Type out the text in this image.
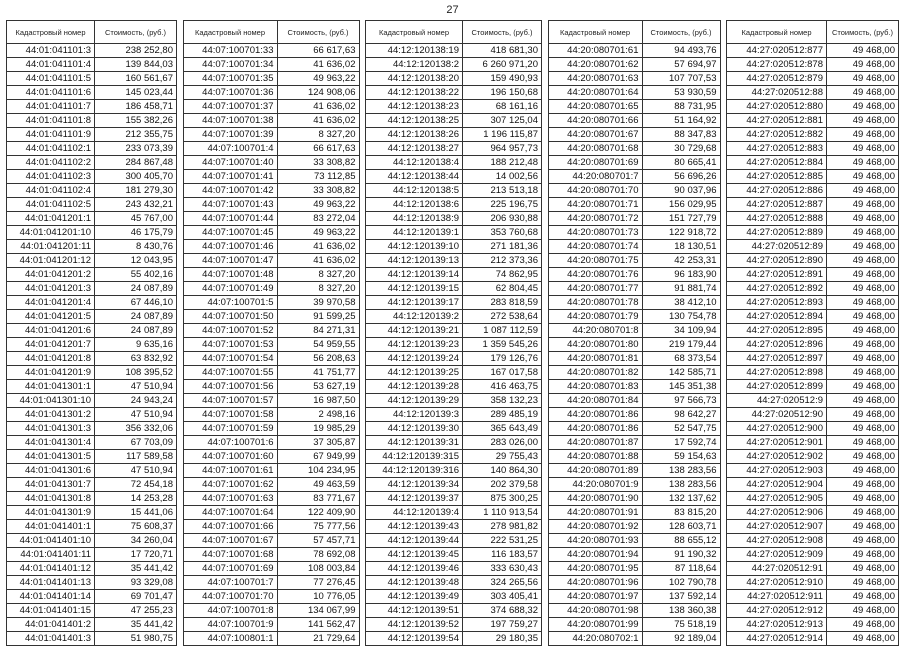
27
Кадастровый номер	Стоимость, (руб.)
44:01:041101:3	238 252,80
44:01:041101:4	139 844,03
44:01:041101:5	160 561,67
44:01:041101:6	145 023,44
44:01:041101:7	186 458,71
44:01:041101:8	155 382,26
44:01:041101:9	212 355,75
44:01:041102:1	233 073,39
44:01:041102:2	284 867,48
44:01:041102:3	300 405,70
44:01:041102:4	181 279,30
44:01:041102:5	243 432,21
44:01:041201:1	45 767,00
44:01:041201:10	46 175,79
44:01:041201:11	8 430,76
44:01:041201:12	12 043,95
44:01:041201:2	55 402,16
44:01:041201:3	24 087,89
44:01:041201:4	67 446,10
44:01:041201:5	24 087,89
44:01:041201:6	24 087,89
44:01:041201:7	9 635,16
44:01:041201:8	63 832,92
44:01:041201:9	108 395,52
44:01:041301:1	47 510,94
44:01:041301:10	24 943,24
44:01:041301:2	47 510,94
44:01:041301:3	356 332,06
44:01:041301:4	67 703,09
44:01:041301:5	117 589,58
44:01:041301:6	47 510,94
44:01:041301:7	72 454,18
44:01:041301:8	14 253,28
44:01:041301:9	15 441,06
44:01:041401:1	75 608,37
44:01:041401:10	34 260,04
44:01:041401:11	17 720,71
44:01:041401:12	35 441,42
44:01:041401:13	93 329,08
44:01:041401:14	69 701,47
44:01:041401:15	47 255,23
44:01:041401:2	35 441,42
44:01:041401:3	51 980,75
Кадастровый номер	Стоимость, (руб.)
44:07:100701:33	66 617,63
44:07:100701:34	41 636,02
44:07:100701:35	49 963,22
44:07:100701:36	124 908,06
44:07:100701:37	41 636,02
44:07:100701:38	41 636,02
44:07:100701:39	8 327,20
44:07:100701:4	66 617,63
44:07:100701:40	33 308,82
44:07:100701:41	73 112,85
44:07:100701:42	33 308,82
44:07:100701:43	49 963,22
44:07:100701:44	83 272,04
44:07:100701:45	49 963,22
44:07:100701:46	41 636,02
44:07:100701:47	41 636,02
44:07:100701:48	8 327,20
44:07:100701:49	8 327,20
44:07:100701:5	39 970,58
44:07:100701:50	91 599,25
44:07:100701:52	84 271,31
44:07:100701:53	54 959,55
44:07:100701:54	56 208,63
44:07:100701:55	41 751,77
44:07:100701:56	53 627,19
44:07:100701:57	16 987,50
44:07:100701:58	2 498,16
44:07:100701:59	19 985,29
44:07:100701:6	37 305,87
44:07:100701:60	67 949,99
44:07:100701:61	104 234,95
44:07:100701:62	49 463,59
44:07:100701:63	83 771,67
44:07:100701:64	122 409,90
44:07:100701:66	75 777,56
44:07:100701:67	57 457,71
44:07:100701:68	78 692,08
44:07:100701:69	108 003,84
44:07:100701:7	77 276,45
44:07:100701:70	10 776,05
44:07:100701:8	134 067,99
44:07:100701:9	141 562,47
44:07:100801:1	21 729,64
Кадастровый номер	Стоимость, (руб.)
44:12:120138:19	418 681,30
44:12:120138:2	6 260 971,20
44:12:120138:20	159 490,93
44:12:120138:22	196 150,68
44:12:120138:23	68 161,16
44:12:120138:25	307 125,04
44:12:120138:26	1 196 115,87
44:12:120138:27	964 957,73
44:12:120138:4	188 212,48
44:12:120138:44	14 002,56
44:12:120138:5	213 513,18
44:12:120138:6	225 196,75
44:12:120138:9	206 930,88
44:12:120139:1	353 760,68
44:12:120139:10	271 181,36
44:12:120139:13	212 373,36
44:12:120139:14	74 862,95
44:12:120139:15	62 804,45
44:12:120139:17	283 818,59
44:12:120139:2	272 538,64
44:12:120139:21	1 087 112,59
44:12:120139:23	1 359 545,26
44:12:120139:24	179 126,76
44:12:120139:25	167 017,58
44:12:120139:28	416 463,75
44:12:120139:29	358 132,23
44:12:120139:3	289 485,19
44:12:120139:30	365 643,49
44:12:120139:31	283 026,00
44:12:120139:315	29 755,43
44:12:120139:316	140 864,30
44:12:120139:34	202 379,58
44:12:120139:37	875 300,25
44:12:120139:4	1 110 913,54
44:12:120139:43	278 981,82
44:12:120139:44	222 531,25
44:12:120139:45	116 183,57
44:12:120139:46	333 630,43
44:12:120139:48	324 265,56
44:12:120139:49	303 405,41
44:12:120139:51	374 688,32
44:12:120139:52	197 759,27
44:12:120139:54	29 180,35
Кадастровый номер	Стоимость, (руб.)
44:20:080701:61	94 493,76
44:20:080701:62	57 694,97
44:20:080701:63	107 707,53
44:20:080701:64	53 930,59
44:20:080701:65	88 731,95
44:20:080701:66	51 164,92
44:20:080701:67	88 347,83
44:20:080701:68	30 729,68
44:20:080701:69	80 665,41
44:20:080701:7	56 696,26
44:20:080701:70	90 037,96
44:20:080701:71	156 029,95
44:20:080701:72	151 727,79
44:20:080701:73	122 918,72
44:20:080701:74	18 130,51
44:20:080701:75	42 253,31
44:20:080701:76	96 183,90
44:20:080701:77	91 881,74
44:20:080701:78	38 412,10
44:20:080701:79	130 754,78
44:20:080701:8	34 109,94
44:20:080701:80	219 179,44
44:20:080701:81	68 373,54
44:20:080701:82	142 585,71
44:20:080701:83	145 351,38
44:20:080701:84	97 566,73
44:20:080701:86	98 642,27
44:20:080701:86	52 547,75
44:20:080701:87	17 592,74
44:20:080701:88	59 154,63
44:20:080701:89	138 283,56
44:20:080701:9	138 283,56
44:20:080701:90	132 137,62
44:20:080701:91	83 815,20
44:20:080701:92	128 603,71
44:20:080701:93	88 655,12
44:20:080701:94	91 190,32
44:20:080701:95	87 118,64
44:20:080701:96	102 790,78
44:20:080701:97	137 592,14
44:20:080701:98	138 360,38
44:20:080701:99	75 518,19
44:20:080702:1	92 189,04
Кадастровый номер	Стоимость, (руб.)
44:27:020512:877	49 468,00
44:27:020512:878	49 468,00
44:27:020512:879	49 468,00
44:27:020512:88	49 468,00
44:27:020512:880	49 468,00
44:27:020512:881	49 468,00
44:27:020512:882	49 468,00
44:27:020512:883	49 468,00
44:27:020512:884	49 468,00
44:27:020512:885	49 468,00
44:27:020512:886	49 468,00
44:27:020512:887	49 468,00
44:27:020512:888	49 468,00
44:27:020512:889	49 468,00
44:27:020512:89	49 468,00
44:27:020512:890	49 468,00
44:27:020512:891	49 468,00
44:27:020512:892	49 468,00
44:27:020512:893	49 468,00
44:27:020512:894	49 468,00
44:27:020512:895	49 468,00
44:27:020512:896	49 468,00
44:27:020512:897	49 468,00
44:27:020512:898	49 468,00
44:27:020512:899	49 468,00
44:27:020512:9	49 468,00
44:27:020512:90	49 468,00
44:27:020512:900	49 468,00
44:27:020512:901	49 468,00
44:27:020512:902	49 468,00
44:27:020512:903	49 468,00
44:27:020512:904	49 468,00
44:27:020512:905	49 468,00
44:27:020512:906	49 468,00
44:27:020512:907	49 468,00
44:27:020512:908	49 468,00
44:27:020512:909	49 468,00
44:27:020512:91	49 468,00
44:27:020512:910	49 468,00
44:27:020512:911	49 468,00
44:27:020512:912	49 468,00
44:27:020512:913	49 468,00
44:27:020512:914	49 468,00
